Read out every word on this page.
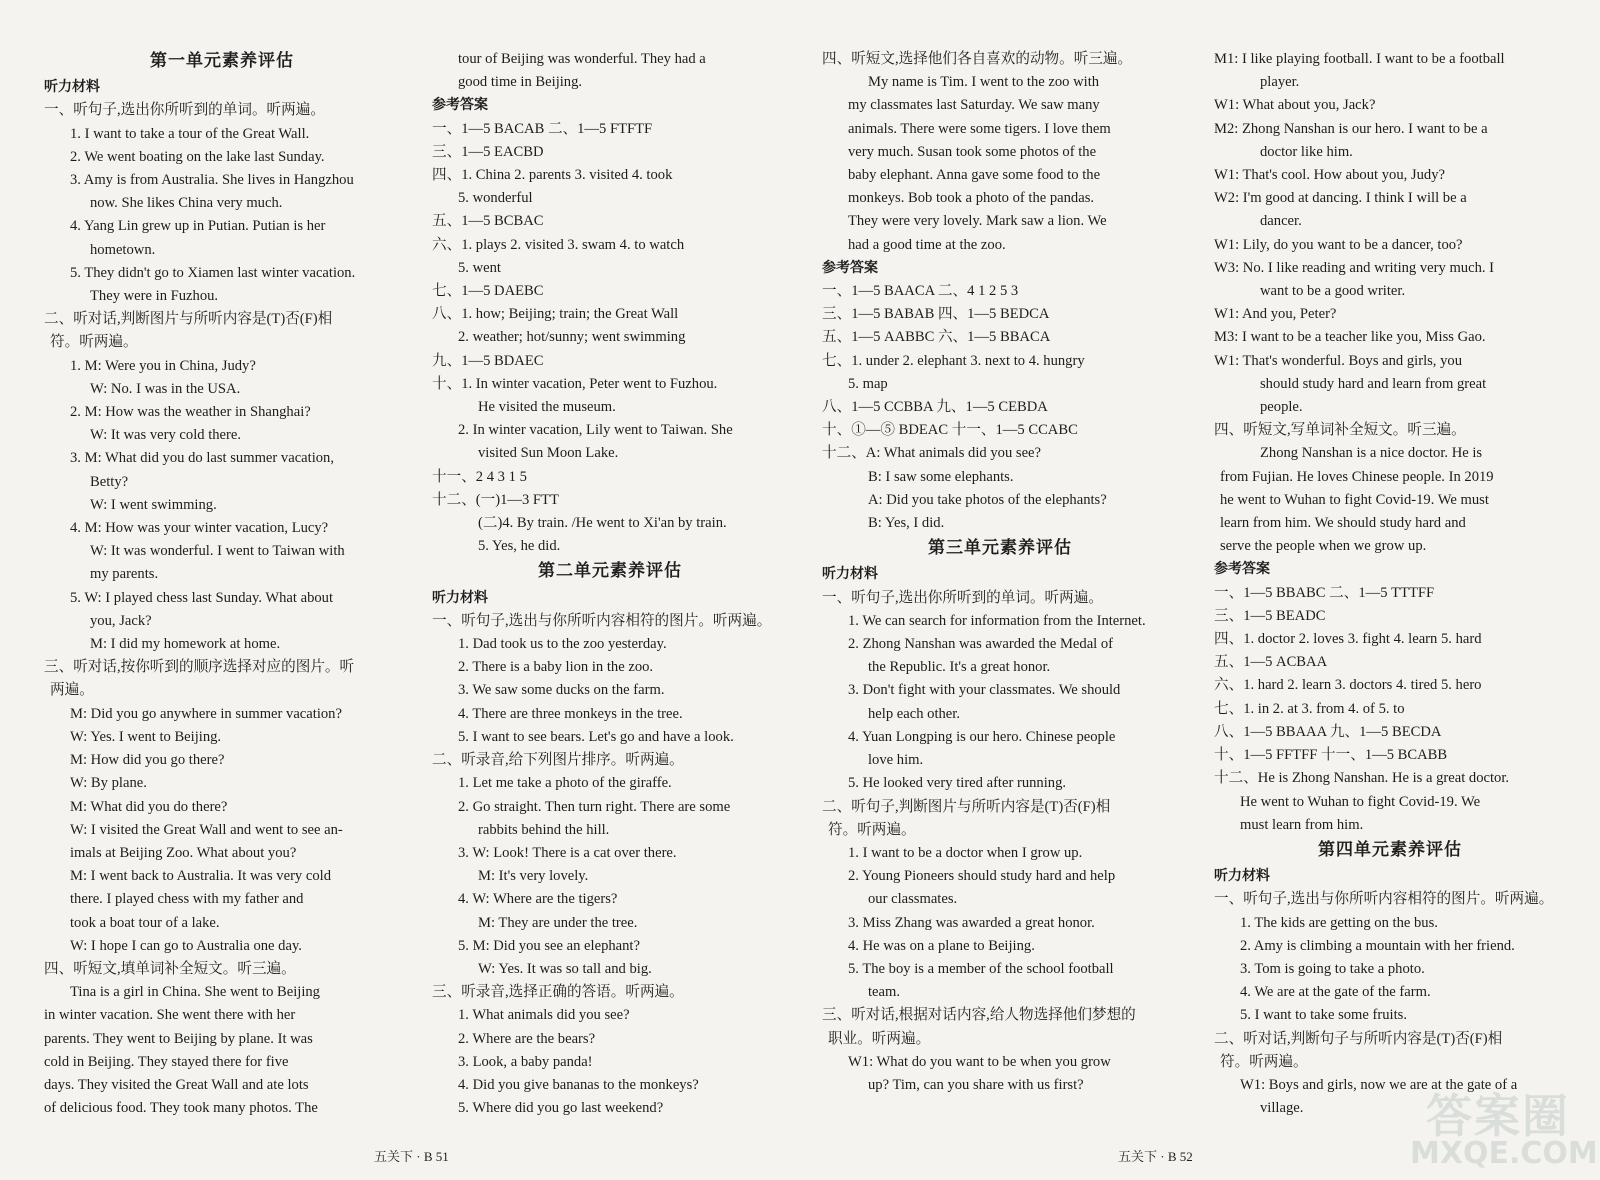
第一单元素养评估
听力材料
一、听句子,选出你所听到的单词。听两遍。
1. I want to take a tour of the Great Wall.
2. We went boating on the lake last Sunday.
3. Amy is from Australia. She lives in Hangzhou
now. She likes China very much.
4. Yang Lin grew up in Putian. Putian is her
hometown.
5. They didn't go to Xiamen last winter vacation.
They were in Fuzhou.
二、听对话,判断图片与所听内容是(T)否(F)相
符。听两遍。
1. M: Were you in China, Judy?
W: No. I was in the USA.
2. M: How was the weather in Shanghai?
W: It was very cold there.
3. M: What did you do last summer vacation,
Betty?
W: I went swimming.
4. M: How was your winter vacation, Lucy?
W: It was wonderful. I went to Taiwan with
my parents.
5. W: I played chess last Sunday. What about
you, Jack?
M: I did my homework at home.
三、听对话,按你听到的顺序选择对应的图片。听
两遍。
M: Did you go anywhere in summer vacation?
W: Yes. I went to Beijing.
M: How did you go there?
W: By plane.
M: What did you do there?
W: I visited the Great Wall and went to see an-
imals at Beijing Zoo. What about you?
M: I went back to Australia. It was very cold
there. I played chess with my father and
took a boat tour of a lake.
W: I hope I can go to Australia one day.
四、听短文,填单词补全短文。听三遍。
Tina is a girl in China. She went to Beijing
in winter vacation. She went there with her
parents. They went to Beijing by plane. It was
cold in Beijing. They stayed there for five
days. They visited the Great Wall and ate lots
of delicious food. They took many photos. The
tour of Beijing was wonderful. They had a
good time in Beijing.
参考答案
一、1—5 BACAB 二、1—5 FTFTF
三、1—5 EACBD
四、1. China 2. parents 3. visited 4. took
5. wonderful
五、1—5 BCBAC
六、1. plays 2. visited 3. swam 4. to watch
5. went
七、1—5 DAEBC
八、1. how; Beijing; train; the Great Wall
2. weather; hot/sunny; went swimming
九、1—5 BDAEC
十、1. In winter vacation, Peter went to Fuzhou.
He visited the museum.
2. In winter vacation, Lily went to Taiwan. She
visited Sun Moon Lake.
十一、2 4 3 1 5
十二、(一)1—3 FTT
(二)4. By train. /He went to Xi'an by train.
5. Yes, he did.
第二单元素养评估
听力材料
一、听句子,选出与你所听内容相符的图片。听两遍。
1. Dad took us to the zoo yesterday.
2. There is a baby lion in the zoo.
3. We saw some ducks on the farm.
4. There are three monkeys in the tree.
5. I want to see bears. Let's go and have a look.
二、听录音,给下列图片排序。听两遍。
1. Let me take a photo of the giraffe.
2. Go straight. Then turn right. There are some
rabbits behind the hill.
3. W: Look! There is a cat over there.
M: It's very lovely.
4. W: Where are the tigers?
M: They are under the tree.
5. M: Did you see an elephant?
W: Yes. It was so tall and big.
三、听录音,选择正确的答语。听两遍。
1. What animals did you see?
2. Where are the bears?
3. Look, a baby panda!
4. Did you give bananas to the monkeys?
5. Where did you go last weekend?
四、听短文,选择他们各自喜欢的动物。听三遍。
My name is Tim. I went to the zoo with
my classmates last Saturday. We saw many
animals. There were some tigers. I love them
very much. Susan took some photos of the
baby elephant. Anna gave some food to the
monkeys. Bob took a photo of the pandas.
They were very lovely. Mark saw a lion. We
had a good time at the zoo.
参考答案
一、1—5 BAACA 二、4 1 2 5 3
三、1—5 BABAB 四、1—5 BEDCA
五、1—5 AABBC 六、1—5 BBACA
七、1. under 2. elephant 3. next to 4. hungry
5. map
八、1—5 CCBBA 九、1—5 CEBDA
十、①—⑤ BDEAC 十一、1—5 CCABC
十二、A: What animals did you see?
B: I saw some elephants.
A: Did you take photos of the elephants?
B: Yes, I did.
第三单元素养评估
听力材料
一、听句子,选出你所听到的单词。听两遍。
1. We can search for information from the Internet.
2. Zhong Nanshan was awarded the Medal of
the Republic. It's a great honor.
3. Don't fight with your classmates. We should
help each other.
4. Yuan Longping is our hero. Chinese people
love him.
5. He looked very tired after running.
二、听句子,判断图片与所听内容是(T)否(F)相
符。听两遍。
1. I want to be a doctor when I grow up.
2. Young Pioneers should study hard and help
our classmates.
3. Miss Zhang was awarded a great honor.
4. He was on a plane to Beijing.
5. The boy is a member of the school football
team.
三、听对话,根据对话内容,给人物选择他们梦想的
职业。听两遍。
W1: What do you want to be when you grow
up? Tim, can you share with us first?
M1: I like playing football. I want to be a football
player.
W1: What about you, Jack?
M2: Zhong Nanshan is our hero. I want to be a
doctor like him.
W1: That's cool. How about you, Judy?
W2: I'm good at dancing. I think I will be a
dancer.
W1: Lily, do you want to be a dancer, too?
W3: No. I like reading and writing very much. I
want to be a good writer.
W1: And you, Peter?
M3: I want to be a teacher like you, Miss Gao.
W1: That's wonderful. Boys and girls, you
should study hard and learn from great
people.
四、听短文,写单词补全短文。听三遍。
Zhong Nanshan is a nice doctor. He is
from Fujian. He loves Chinese people. In 2019
he went to Wuhan to fight Covid-19. We must
learn from him. We should study hard and
serve the people when we grow up.
参考答案
一、1—5 BBABC 二、1—5 TTTFF
三、1—5 BEADC
四、1. doctor 2. loves 3. fight 4. learn 5. hard
五、1—5 ACBAA
六、1. hard 2. learn 3. doctors 4. tired 5. hero
七、1. in 2. at 3. from 4. of 5. to
八、1—5 BBAAA 九、1—5 BECDA
十、1—5 FFTFF 十一、1—5 BCABB
十二、He is Zhong Nanshan. He is a great doctor.
He went to Wuhan to fight Covid-19. We
must learn from him.
第四单元素养评估
听力材料
一、听句子,选出与你所听内容相符的图片。听两遍。
1. The kids are getting on the bus.
2. Amy is climbing a mountain with her friend.
3. Tom is going to take a photo.
4. We are at the gate of the farm.
5. I want to take some fruits.
二、听对话,判断句子与所听内容是(T)否(F)相
符。听两遍。
W1: Boys and girls, now we are at the gate of a
village.
五关下 · B 51	五关下 · B 52
答案圈
MXQE.COM
